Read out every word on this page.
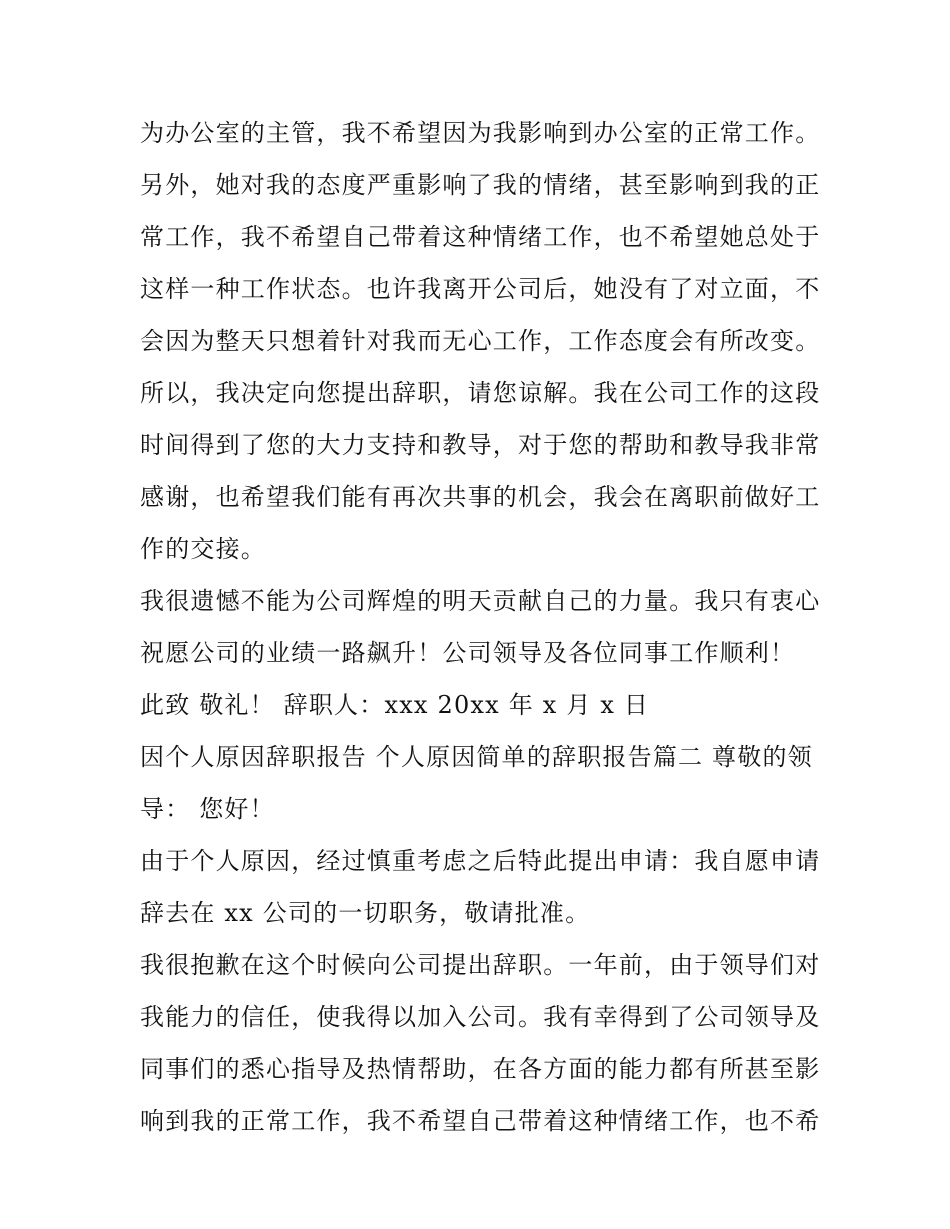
为办公室的主管，我不希望因为我影响到办公室的正常工作。
另外，她对我的态度严重影响了我的情绪，甚至影响到我的正
常工作，我不希望自己带着这种情绪工作，也不希望她总处于
这样一种工作状态。也许我离开公司后，她没有了对立面，不
会因为整天只想着针对我而无心工作，工作态度会有所改变。
所以，我决定向您提出辞职，请您谅解。我在公司工作的这段
时间得到了您的大力支持和教导，对于您的帮助和教导我非常
感谢，也希望我们能有再次共事的机会，我会在离职前做好工
作的交接。
我很遗憾不能为公司辉煌的明天贡献自己的力量。我只有衷心
祝愿公司的业绩一路飙升！公司领导及各位同事工作顺利！
此致 敬礼！ 辞职人：xxx 20xx 年 x 月 x 日
因个人原因辞职报告 个人原因简单的辞职报告篇二 尊敬的领
导： 您好！
由于个人原因，经过慎重考虑之后特此提出申请：我自愿申请
辞去在 xx 公司的一切职务，敬请批准。
我很抱歉在这个时候向公司提出辞职。一年前，由于领导们对
我能力的信任，使我得以加入公司。我有幸得到了公司领导及
同事们的悉心指导及热情帮助，在各方面的能力都有所甚至影
响到我的正常工作，我不希望自己带着这种情绪工作，也不希
